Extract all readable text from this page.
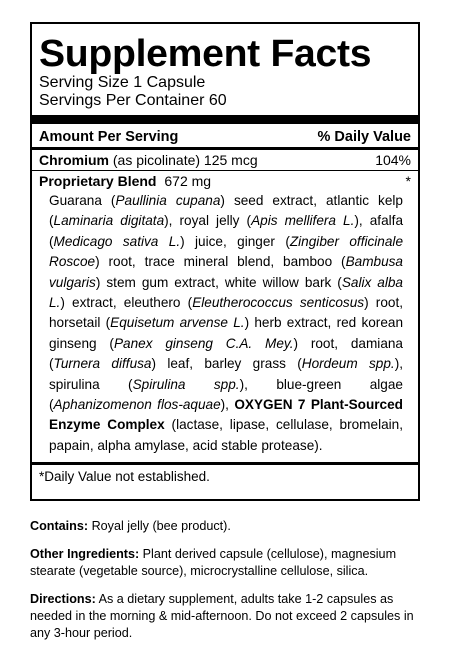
Supplement Facts
Serving Size 1 Capsule
Servings Per Container 60
Amount Per Serving	% Daily Value
Chromium (as picolinate) 125 mcg	104%
Proprietary Blend 672 mg	*
Guarana (Paullinia cupana) seed extract, atlantic kelp (Laminaria digitata), royal jelly (Apis mellifera L.), afalfa (Medicago sativa L.) juice, ginger (Zingiber officinale Roscoe) root, trace mineral blend, bamboo (Bambusa vulgaris) stem gum extract, white willow bark (Salix alba L.) extract, eleuthero (Eleutherococcus senticosus) root, horsetail (Equisetum arvense L.) herb extract, red korean ginseng (Panex ginseng C.A. Mey.) root, damiana (Turnera diffusa) leaf, barley grass (Hordeum spp.), spirulina (Spirulina spp.), blue-green algae (Aphanizomenon flos-aquae), OXYGEN 7 Plant-Sourced Enzyme Complex (lactase, lipase, cellulase, bromelain, papain, alpha amylase, acid stable protease).
*Daily Value not established.
Contains: Royal jelly (bee product).
Other Ingredients: Plant derived capsule (cellulose), magnesium stearate (vegetable source), microcrystalline cellulose, silica.
Directions: As a dietary supplement, adults take 1-2 capsules as needed in the morning & mid-afternoon. Do not exceed 2 capsules in any 3-hour period.
